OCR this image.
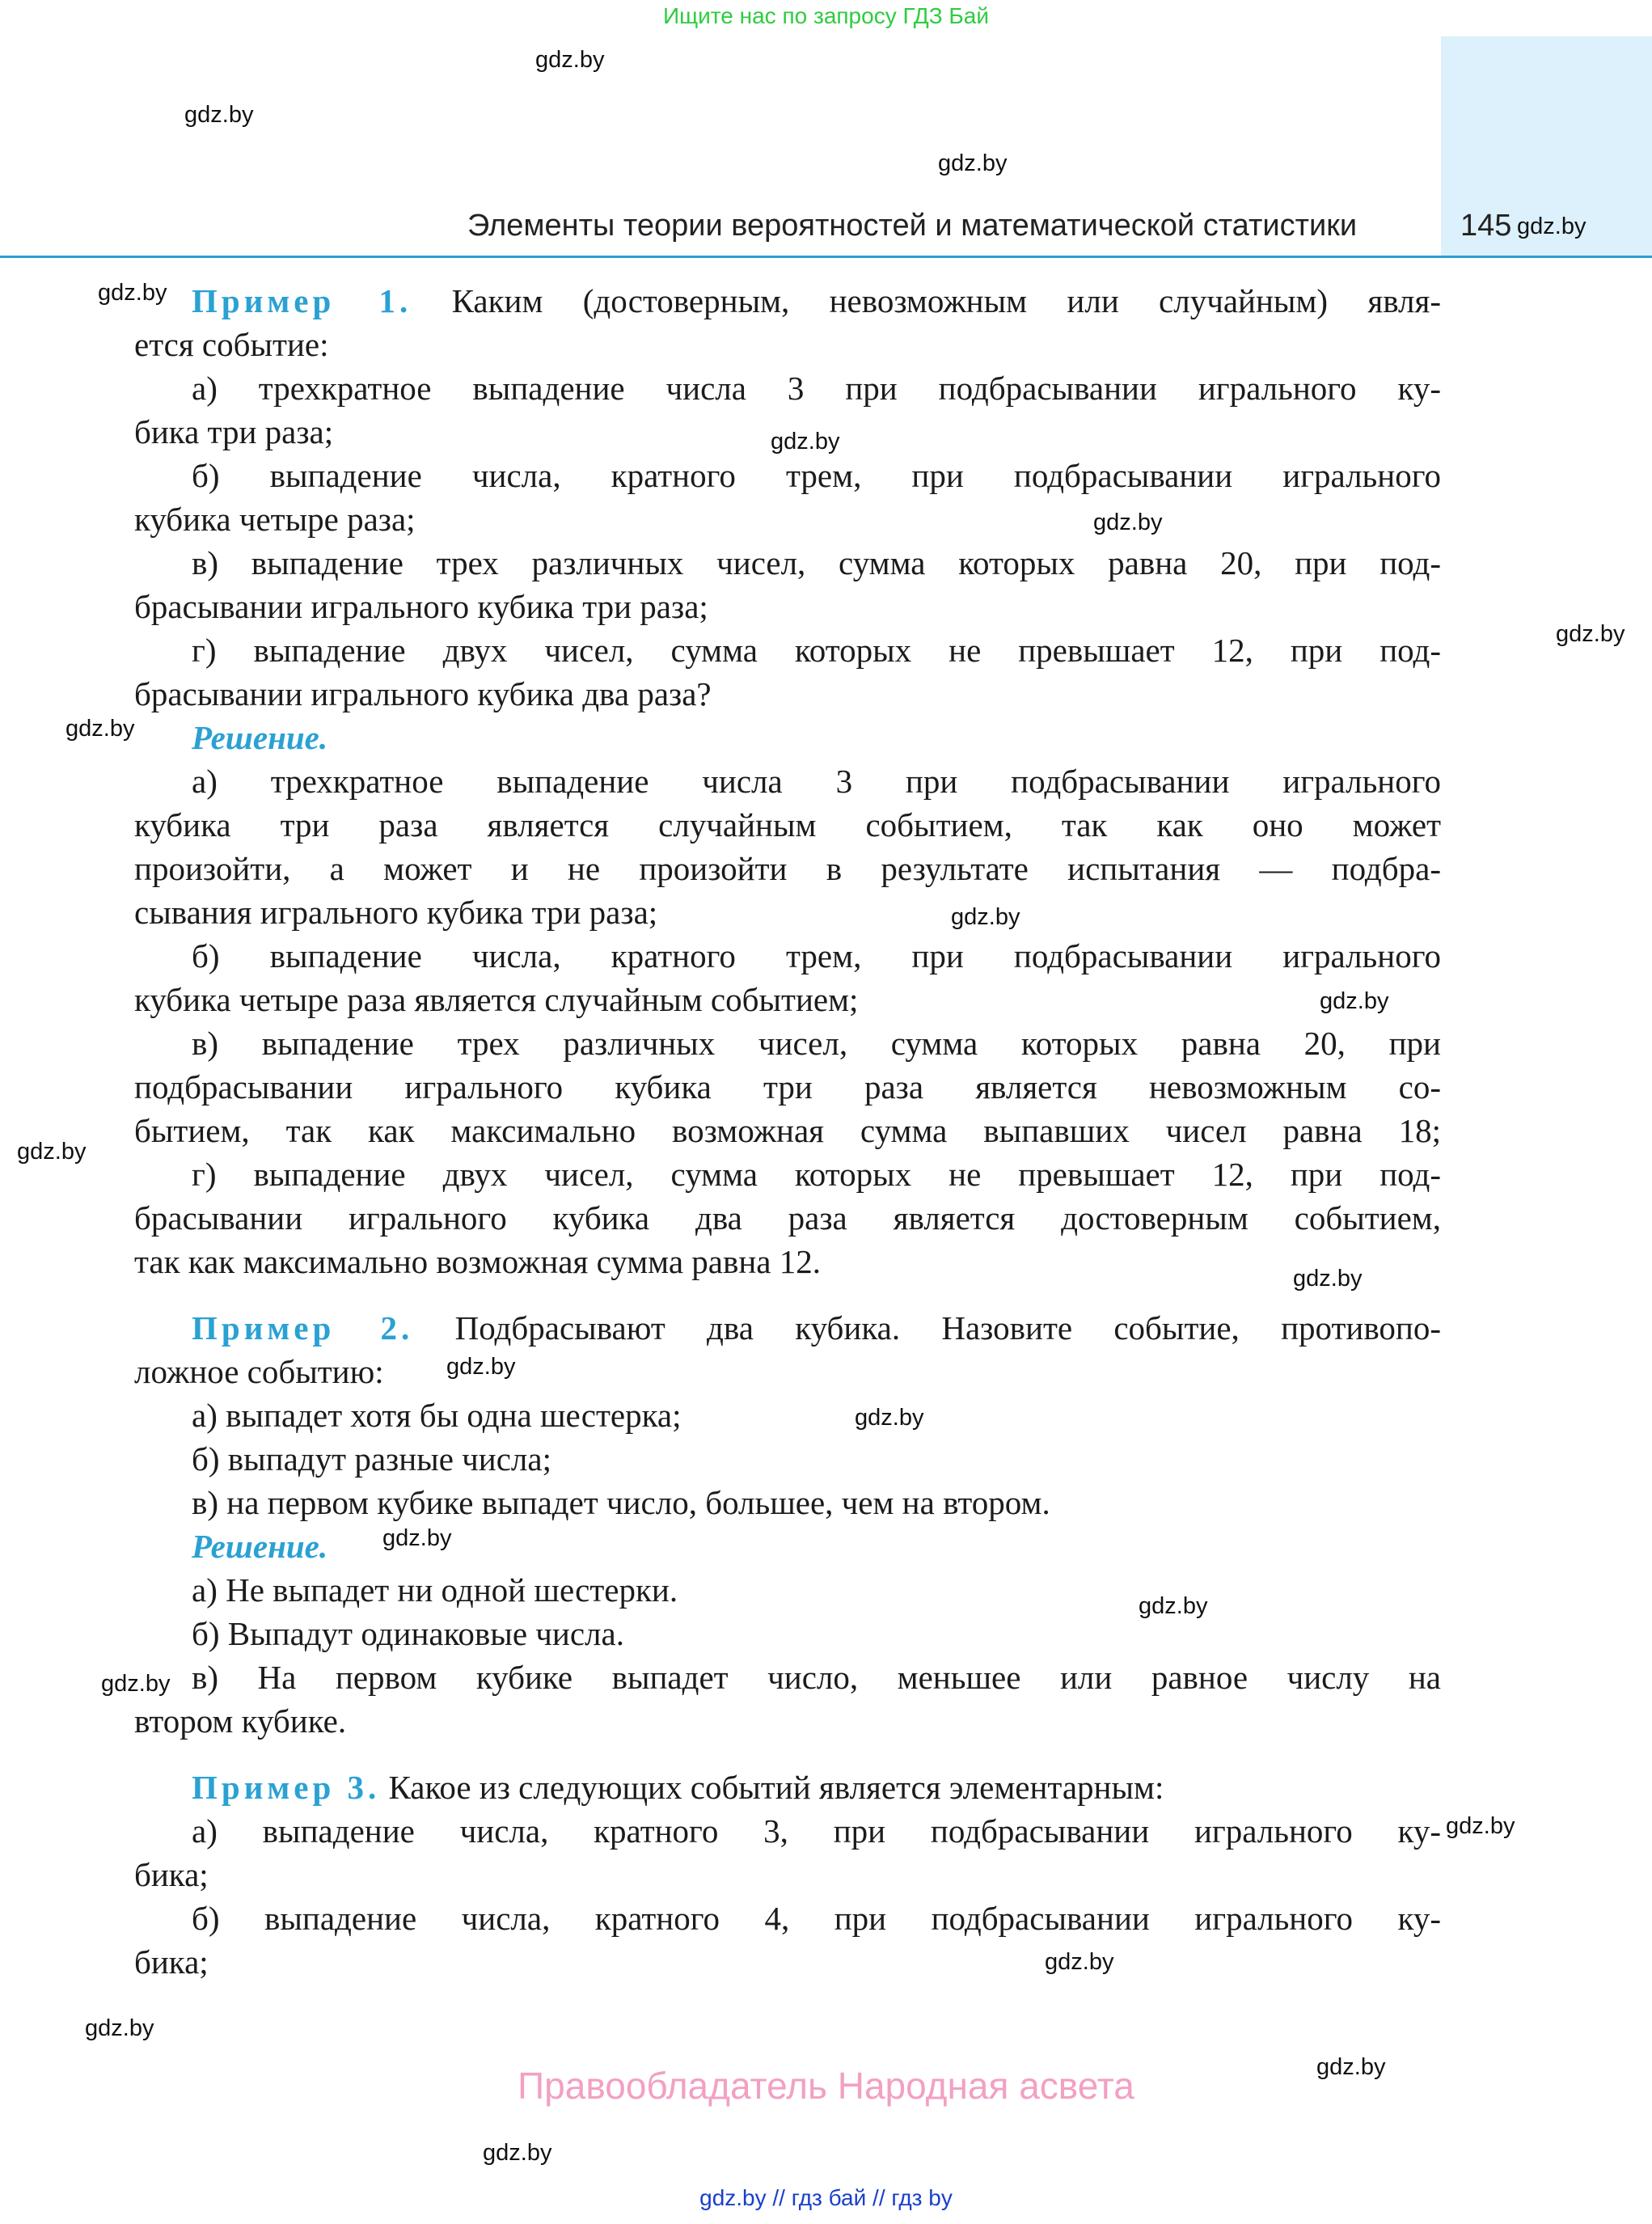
Ищите нас по запросу ГДЗ Бай
Элементы теории вероятностей и математической статистики	145
gdz.by
gdz.by
gdz.by
gdz.by
gdz.by
gdz.by
gdz.by
gdz.by
gdz.by
gdz.by
gdz.by
gdz.by
gdz.by
gdz.by
gdz.by
gdz.by
gdz.by
gdz.by
gdz.by
gdz.by
gdz.by
gdz.by
gdz.by
Пример 1. Каким (достоверным, невозможным или случайным) явля-
ется событие:
а) трехкратное выпадение числа 3 при подбрасывании игрального ку-
бика три раза;
б) выпадение числа, кратного трем, при подбрасывании игрального
кубика четыре раза;
в) выпадение трех различных чисел, сумма которых равна 20, при под-
брасывании игрального кубика три раза;
г) выпадение двух чисел, сумма которых не превышает 12, при под-
брасывании игрального кубика два раза?
Решение.
а) трехкратное выпадение числа 3 при подбрасывании игрального
кубика три раза является случайным событием, так как оно может
произойти, а может и не произойти в результате испытания — подбра-
сывания игрального кубика три раза;
б) выпадение числа, кратного трем, при подбрасывании игрального
кубика четыре раза является случайным событием;
в) выпадение трех различных чисел, сумма которых равна 20, при
подбрасывании игрального кубика три раза является невозможным со-
бытием, так как максимально возможная сумма выпавших чисел равна 18;
г) выпадение двух чисел, сумма которых не превышает 12, при под-
брасывании игрального кубика два раза является достоверным событием,
так как максимально возможная сумма равна 12.
Пример 2. Подбрасывают два кубика. Назовите событие, противопо-
ложное событию:
а) выпадет хотя бы одна шестерка;
б) выпадут разные числа;
в) на первом кубике выпадет число, большее, чем на втором.
Решение.
а) Не выпадет ни одной шестерки.
б) Выпадут одинаковые числа.
в) На первом кубике выпадет число, меньшее или равное числу на
втором кубике.
Пример 3. Какое из следующих событий является элементарным:
а) выпадение числа, кратного 3, при подбрасывании игрального ку-
бика;
б) выпадение числа, кратного 4, при подбрасывании игрального ку-
бика;
Правообладатель Народная асвета
gdz.by // гдз бай // гдз by
